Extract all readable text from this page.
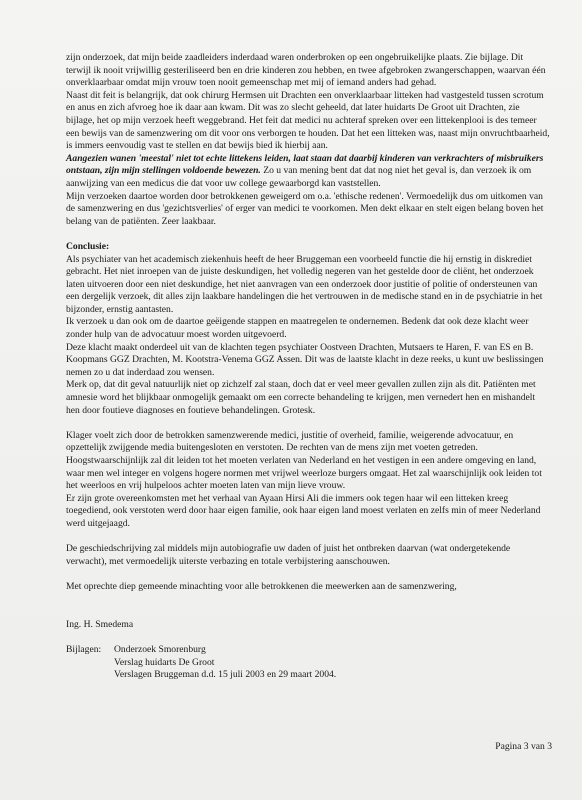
zijn onderzoek, dat mijn beide zaadleiders inderdaad waren onderbroken op een ongebruikelijke plaats. Zie bijlage. Dit terwijl ik nooit vrijwillig gesteriliseerd ben en drie kinderen zou hebben, en twee afgebroken zwangerschappen, waarvan één onverklaarbaar omdat mijn vrouw toen nooit gemeenschap met mij of iemand anders had gehad.

Naast dit feit is belangrijk, dat ook chirurg Hermsen uit Drachten een onverklaarbaar litteken had vastgesteld tussen scrotum en anus en zich afvroeg hoe ik daar aan kwam. Dit was zo slecht geheeld, dat later huidarts De Groot uit Drachten, zie bijlage, het op mijn verzoek heeft weggebrand. Het feit dat medici nu achteraf spreken over een littekenplooi is des temeer een bewijs van de samenzwering om dit voor ons verborgen te houden. Dat het een litteken was, naast mijn onvruchtbaarheid, is immers eenvoudig vast te stellen en dat bewijs bied ik hierbij aan.

Aangezien wanen 'meestal' niet tot echte littekens leiden, laat staan dat daarbij kinderen van verkrachters of misbruikers ontstaan, zijn mijn stellingen voldoende bewezen. Zo u van mening bent dat dat nog niet het geval is, dan verzoek ik om aanwijzing van een medicus die dat voor uw college gewaarborgd kan vaststellen.

Mijn verzoeken daartoe worden door betrokkenen geweigerd om o.a. 'ethische redenen'. Vermoedelijk dus om uitkomen van de samenzwering en dus 'gezichtsverlies' of erger van medici te voorkomen. Men dekt elkaar en stelt eigen belang boven het belang van de patiënten. Zeer laakbaar.

Conclusie:

Als psychiater van het academisch ziekenhuis heeft de heer Bruggeman een voorbeeld functie die hij ernstig in diskrediet gebracht. Het niet inroepen van de juiste deskundigen, het volledig negeren van het gestelde door de cliënt, het onderzoek laten uitvoeren door een niet deskundige, het niet aanvragen van een onderzoek door justitie of politie of ondersteunen van een dergelijk verzoek, dit alles zijn laakbare handelingen die het vertrouwen in de medische stand en in de psychiatrie in het bijzonder, ernstig aantasten.

Ik verzoek u dan ook om de daartoe geëigende stappen en maatregelen te ondernemen. Bedenk dat ook deze klacht weer zonder hulp van de advocatuur moest worden uitgevoerd.

Deze klacht maakt onderdeel uit van de klachten tegen psychiater Oostveen Drachten, Mutsaers te Haren, F. van ES en B. Koopmans GGZ Drachten, M. Kootstra-Venema GGZ Assen. Dit was de laatste klacht in deze reeks, u kunt uw beslissingen nemen zo u dat inderdaad zou wensen.

Merk op, dat dit geval natuurlijk niet op zichzelf zal staan, doch dat er veel meer gevallen zullen zijn als dit. Patiënten met amnesie word het blijkbaar onmogelijk gemaakt om een correcte behandeling te krijgen, men vernedert hen en mishandelt hen door foutieve diagnoses en foutieve behandelingen. Grotesk.

Klager voelt zich door de betrokken samenzwerende medici, justitie of overheid, familie, weigerende advocatuur, en opzettelijk zwijgende media buitengesloten en verstoten. De rechten van de mens zijn met voeten getreden.

Hoogstwaarschijnlijk zal dit leiden tot het moeten verlaten van Nederland en het vestigen in een andere omgeving en land, waar men wel integer en volgens hogere normen met vrijwel weerloze burgers omgaat. Het zal waarschijnlijk ook leiden tot het weerloos en vrij hulpeloos achter moeten laten van mijn lieve vrouw.

Er zijn grote overeenkomsten met het verhaal van Ayaan Hirsi Ali die immers ook tegen haar wil een litteken kreeg toegediend, ook verstoten werd door haar eigen familie, ook haar eigen land moest verlaten en zelfs min of meer Nederland werd uitgejaagd.

De geschiedschrijving zal middels mijn autobiografie uw daden of juist het ontbreken daarvan (wat ondergetekende verwacht), met vermoedelijk uiterste verbazing en totale verbijstering aanschouwen.

Met oprechte diep gemeende minachting voor alle betrokkenen die meewerken aan de samenzwering,

Ing. H. Smedema

Bijlagen:	Onderzoek Smorenburg

Verslag huidarts De Groot

Verslagen Bruggeman d.d. 15 juli 2003 en 29 maart 2004.

Pagina 3 van 3
